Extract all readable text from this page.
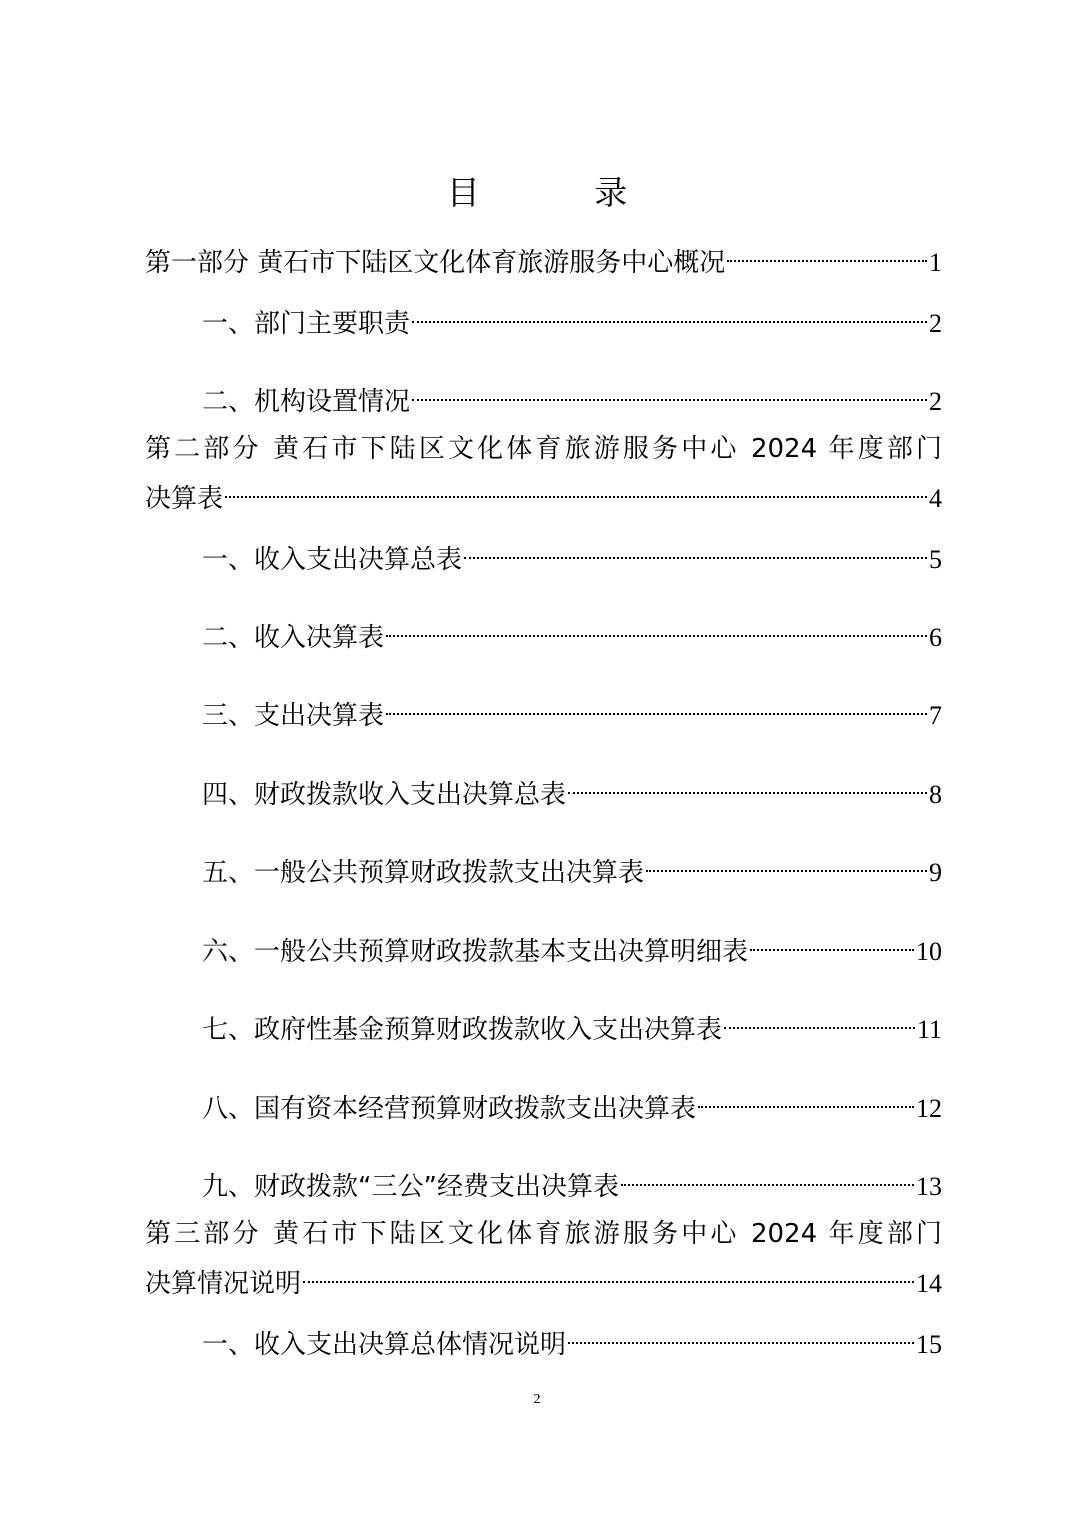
目 录
第一部分 黄石市下陆区文化体育旅游服务中心概况	1
一、部门主要职责	2
二、机构设置情况	2
第二部分 黄石市下陆区文化体育旅游服务中心 2024 年度部门
决算表	4
一、收入支出决算总表	5
二、收入决算表	6
三、支出决算表	7
四、财政拨款收入支出决算总表	8
五、一般公共预算财政拨款支出决算表	9
六、一般公共预算财政拨款基本支出决算明细表	10
七、政府性基金预算财政拨款收入支出决算表	11
八、国有资本经营预算财政拨款支出决算表	12
九、财政拨款“三公”经费支出决算表	13
第三部分 黄石市下陆区文化体育旅游服务中心 2024 年度部门
决算情况说明	14
一、收入支出决算总体情况说明	15
2
